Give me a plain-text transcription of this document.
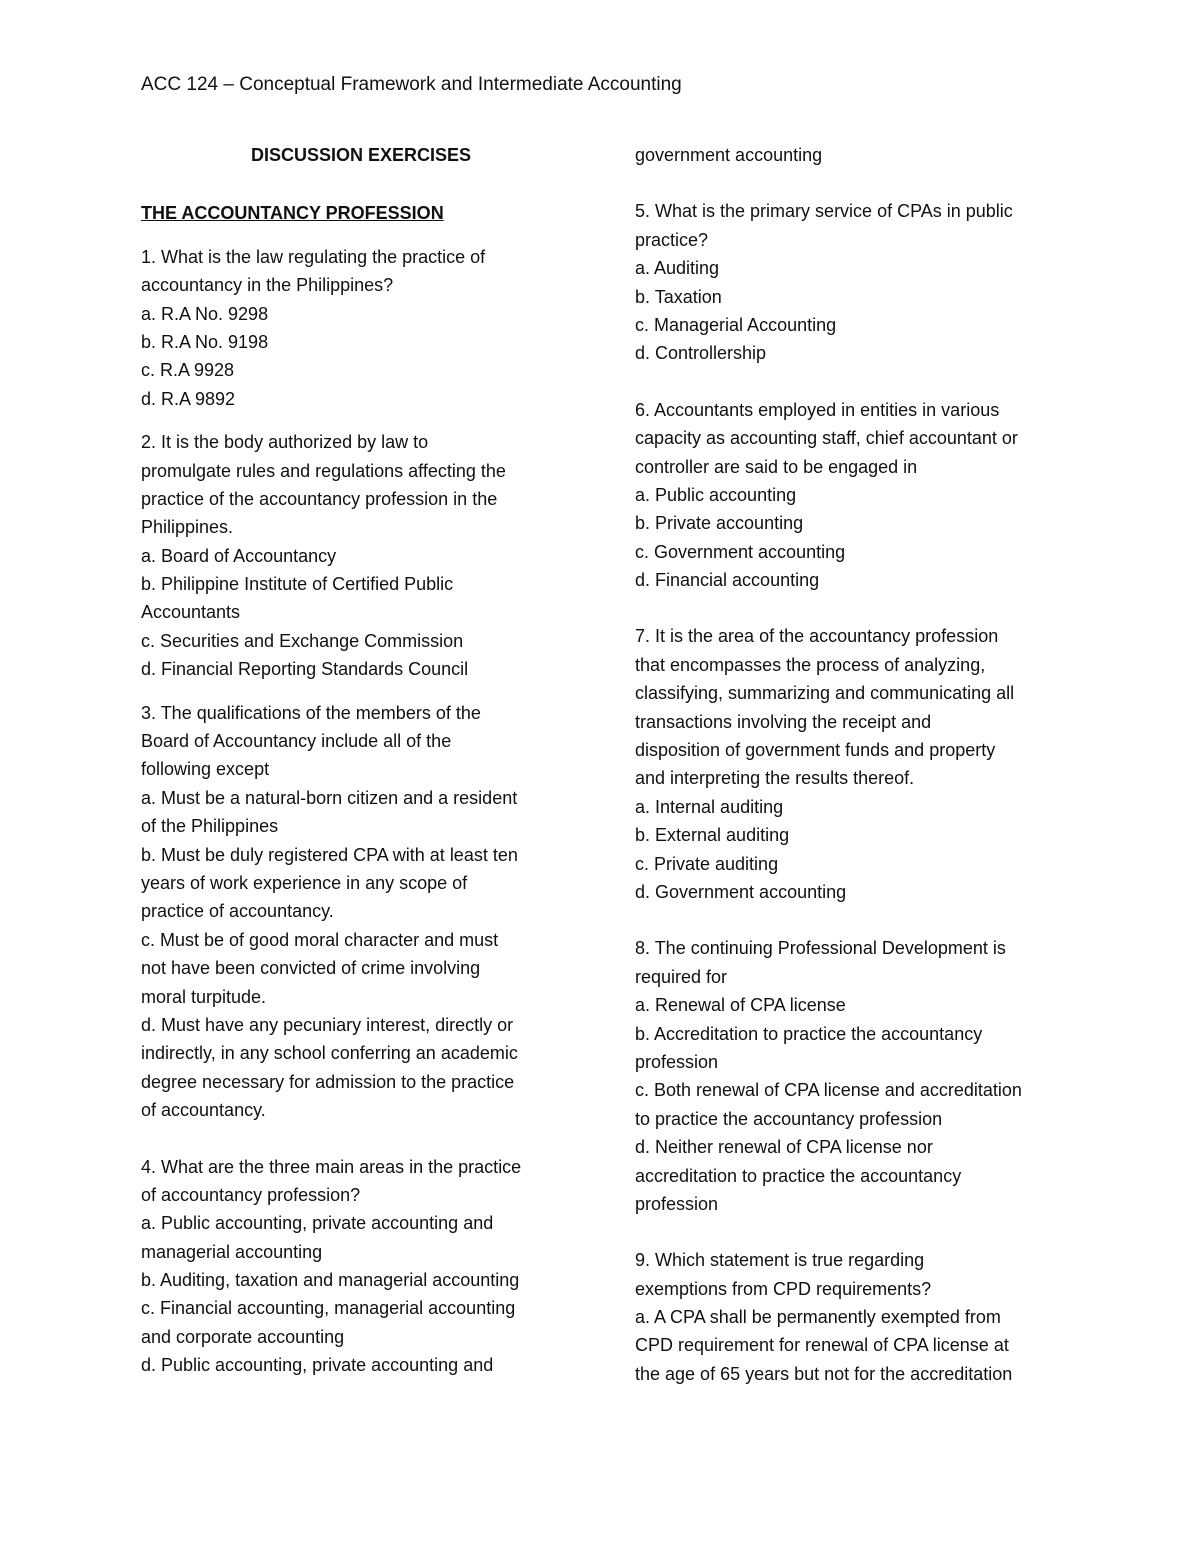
ACC 124 – Conceptual Framework and Intermediate Accounting
DISCUSSION EXERCISES
THE ACCOUNTANCY PROFESSION
1. What is the law regulating the practice of
accountancy in the Philippines?
a. R.A No. 9298
b. R.A No. 9198
c. R.A 9928
d. R.A 9892
2. It is the body authorized by law to
promulgate rules and regulations affecting the
practice of the accountancy profession in the
Philippines.
a. Board of Accountancy
b. Philippine Institute of Certified Public
Accountants
c. Securities and Exchange Commission
d. Financial Reporting Standards Council
3. The qualifications of the members of the
Board of Accountancy include all of the
following except
a. Must be a natural-born citizen and a resident
of the Philippines
b. Must be duly registered CPA with at least ten
years of work experience in any scope of
practice of accountancy.
c. Must be of good moral character and must
not have been convicted of crime involving
moral turpitude.
d. Must have any pecuniary interest, directly or
indirectly, in any school conferring an academic
degree necessary for admission to the practice
of accountancy.
4. What are the three main areas in the practice
of accountancy profession?
a. Public accounting, private accounting and
managerial accounting
b. Auditing, taxation and managerial accounting
c. Financial accounting, managerial accounting
and corporate accounting
d. Public accounting, private accounting and
government accounting
5. What is the primary service of CPAs in public
practice?
a. Auditing
b. Taxation
c. Managerial Accounting
d. Controllership
6. Accountants employed in entities in various
capacity as accounting staff, chief accountant or
controller are said to be engaged in
a. Public accounting
b. Private accounting
c. Government accounting
d. Financial accounting
7. It is the area of the accountancy profession
that encompasses the process of analyzing,
classifying, summarizing and communicating all
transactions involving the receipt and
disposition of government funds and property
and interpreting the results thereof.
a. Internal auditing
b. External auditing
c. Private auditing
d. Government accounting
8. The continuing Professional Development is
required for
a. Renewal of CPA license
b. Accreditation to practice the accountancy
profession
c. Both renewal of CPA license and accreditation
to practice the accountancy profession
d. Neither renewal of CPA license nor
accreditation to practice the accountancy
profession
9. Which statement is true regarding
exemptions from CPD requirements?
a. A CPA shall be permanently exempted from
CPD requirement for renewal of CPA license at
the age of 65 years but not for the accreditation
